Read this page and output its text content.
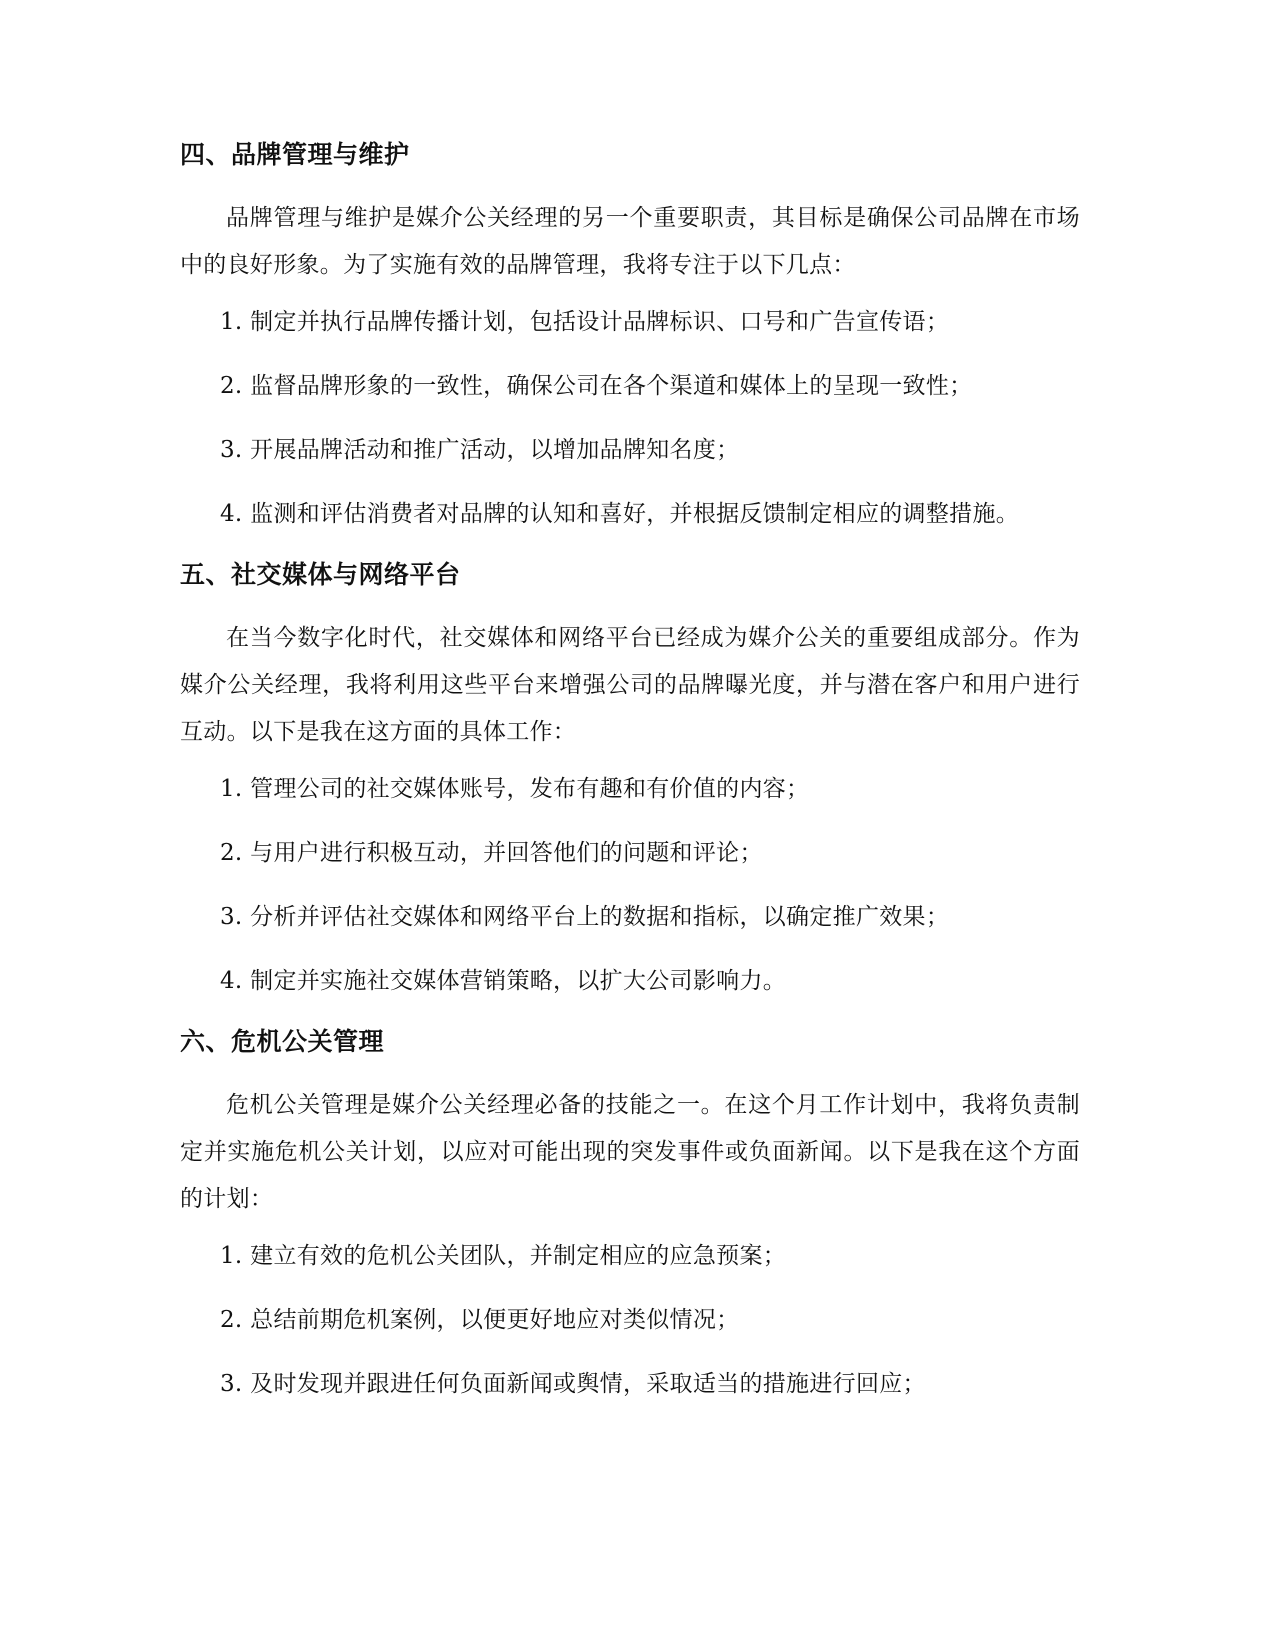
四、品牌管理与维护

品牌管理与维护是媒介公关经理的另一个重要职责，其目标是确保公司品牌在市场中的良好形象。为了实施有效的品牌管理，我将专注于以下几点：

1. 制定并执行品牌传播计划，包括设计品牌标识、口号和广告宣传语；
2. 监督品牌形象的一致性，确保公司在各个渠道和媒体上的呈现一致性；
3. 开展品牌活动和推广活动，以增加品牌知名度；
4. 监测和评估消费者对品牌的认知和喜好，并根据反馈制定相应的调整措施。
五、社交媒体与网络平台

在当今数字化时代，社交媒体和网络平台已经成为媒介公关的重要组成部分。作为媒介公关经理，我将利用这些平台来增强公司的品牌曝光度，并与潜在客户和用户进行互动。以下是我在这方面的具体工作：

1. 管理公司的社交媒体账号，发布有趣和有价值的内容；
2. 与用户进行积极互动，并回答他们的问题和评论；
3. 分析并评估社交媒体和网络平台上的数据和指标，以确定推广效果；
4. 制定并实施社交媒体营销策略，以扩大公司影响力。
六、危机公关管理

危机公关管理是媒介公关经理必备的技能之一。在这个月工作计划中，我将负责制定并实施危机公关计划，以应对可能出现的突发事件或负面新闻。以下是我在这个方面的计划：

1. 建立有效的危机公关团队，并制定相应的应急预案；
2. 总结前期危机案例，以便更好地应对类似情况；
3. 及时发现并跟进任何负面新闻或舆情，采取适当的措施进行回应；
